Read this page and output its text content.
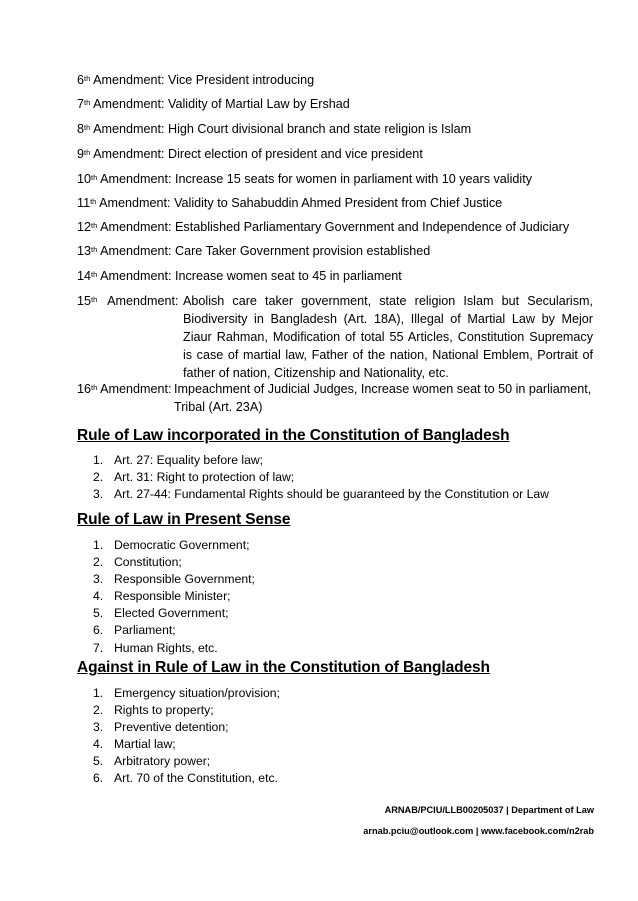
6th Amendment: Vice President introducing
7th Amendment: Validity of Martial Law by Ershad
8th Amendment: High Court divisional branch and state religion is Islam
9th Amendment: Direct election of president and vice president
10th Amendment: Increase 15 seats for women in parliament with 10 years validity
11th Amendment: Validity to Sahabuddin Ahmed President from Chief Justice
12th Amendment: Established Parliamentary Government and Independence of Judiciary
13th Amendment: Care Taker Government provision established
14th Amendment: Increase women seat to 45 in parliament
15th Amendment: Abolish care taker government, state religion Islam but Secularism, Biodiversity in Bangladesh (Art. 18A), Illegal of Martial Law by Mejor Ziaur Rahman, Modification of total 55 Articles, Constitution Supremacy is case of martial law, Father of the nation, National Emblem, Portrait of father of nation, Citizenship and Nationality, etc.
16th Amendment: Impeachment of Judicial Judges, Increase women seat to 50 in parliament, Tribal (Art. 23A)
Rule of Law incorporated in the Constitution of Bangladesh
1. Art. 27: Equality before law;
2. Art. 31: Right to protection of law;
3. Art. 27-44: Fundamental Rights should be guaranteed by the Constitution or Law
Rule of Law in Present Sense
1. Democratic Government;
2. Constitution;
3. Responsible Government;
4. Responsible Minister;
5. Elected Government;
6. Parliament;
7. Human Rights, etc.
Against in Rule of Law in the Constitution of Bangladesh
1. Emergency situation/provision;
2. Rights to property;
3. Preventive detention;
4. Martial law;
5. Arbitratory power;
6. Art. 70 of the Constitution, etc.
ARNAB/PCIU/LLB00205037 | Department of Law
arnab.pciu@outlook.com | www.facebook.com/n2rab
